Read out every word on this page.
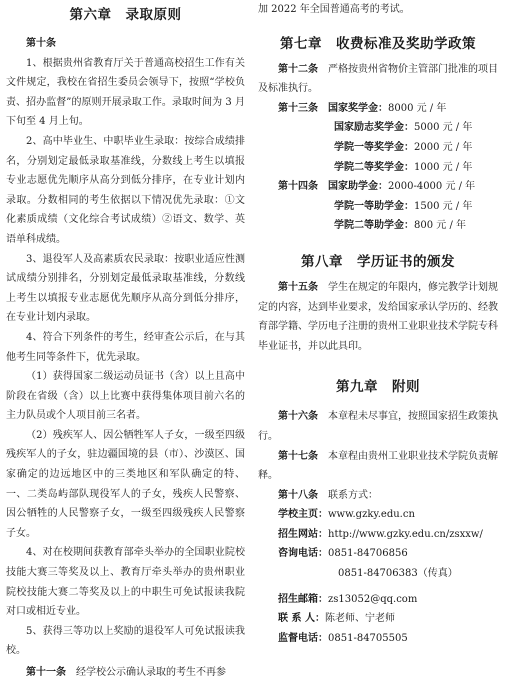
第六章　录取原则

第十条

1、根据贵州省教育厅关于普通高校招生工作有关文件规定，我校在省招生委员会领导下，按照“学校负责、招办监督”的原则开展录取工作。录取时间为 3 月下旬至 4 月上旬。

2、高中毕业生、中职毕业生录取：按综合成绩排名，分别划定最低录取基准线，分数线上考生以填报专业志愿优先顺序从高分到低分排序，在专业计划内录取。分数相同的考生依据以下情况优先录取：①文化素质成绩（文化综合考试成绩）②语文、数学、英语单科成绩。

3、退役军人及高素质农民录取：按职业适应性测试成绩分别排名，分别划定最低录取基准线，分数线上考生以填报专业志愿优先顺序从高分到低分排序，在专业计划内录取。

4、符合下列条件的考生，经审查公示后，在与其他考生同等条件下，优先录取。

（1）获得国家二级运动员证书（含）以上且高中阶段在省级（含）以上比赛中获得集体项目前六名的主力队员或个人项目前三名者。

（2）残疾军人、因公牺牲军人子女，一级至四级残疾军人的子女，驻边疆国境的县（市）、沙漠区、国家确定的边远地区中的三类地区和军队确定的特、一、二类岛屿部队现役军人的子女，残疾人民警察、因公牺牲的人民警察子女，一级至四级残疾人民警察子女。

4、对在校期间获教育部牵头举办的全国职业院校技能大赛三等奖及以上、教育厅牵头举办的贵州职业院校技能大赛二等奖及以上的中职生可免试报读我院对口或相近专业。

5、获得三等功以上奖励的退役军人可免试报读我校。

第十一条　 经学校公示确认录取的考生不再参

加 2022 年全国普通高考的考试。

第七章　收费标准及奖助学政策

第十二条　 严格按贵州省物价主管部门批准的项目及标准执行。

第十三条
　 国家奖学金： 8000 元 / 年
国家励志奖学金： 5000 元 / 年
学院一等奖学金： 2000 元 / 年
学院二等奖学金： 1000 元 / 年
第十四条
　 国家助学金： 2000-4000 元 / 年
学院一等助学金： 1500 元 / 年
学院二等助学金： 800 元 / 年
第八章　学历证书的颁发

第十五条　 学生在规定的年限内，修完教学计划规定的内容，达到毕业要求，发给国家承认学历的、经教育部学籍、学历电子注册的贵州工业职业技术学院专科毕业证书，并以此具印。

第九章　附则

第十六条　 本章程未尽事宜，按照国家招生政策执行。

第十七条　 本章程由贵州工业职业技术学院负责解释。

第十八条　 联系方式：

学校主页： www.gzky.edu.cn
招生网站： http://www.gzky.edu.cn/zsxxw/
咨询电话： 0851-84706856
0851-84706383（传真）
招生邮箱： zs13052@qq.com
联 系 人： 陈老师、宁老师
监督电话： 0851-84705505
